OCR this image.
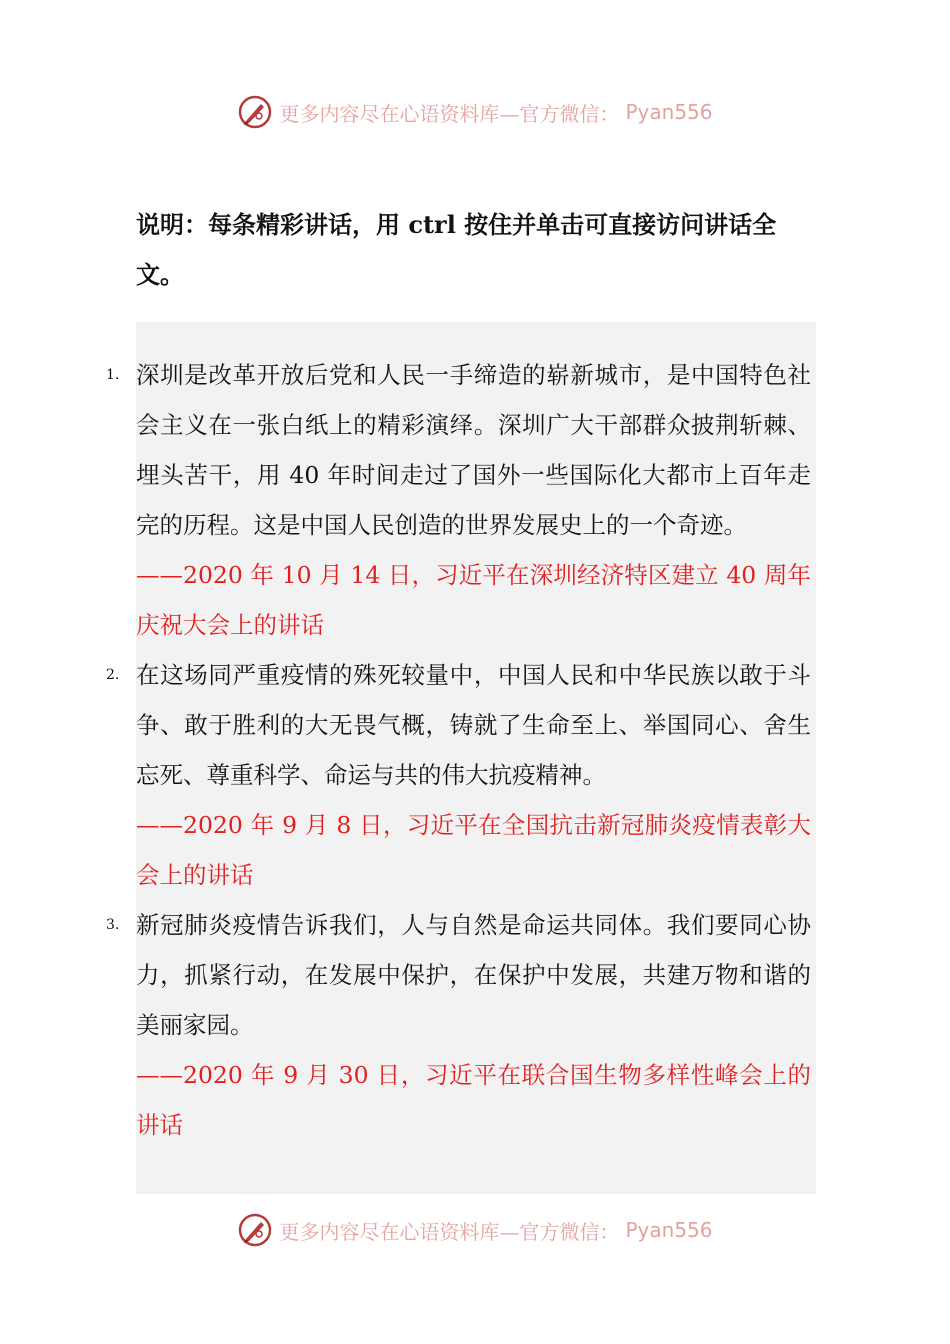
更多内容尽在心语资料库—官方微信： Pyan556
说明：每条精彩讲话，用 ctrl 按住并单击可直接访问讲话全文。
1. 深圳是改革开放后党和人民一手缔造的崭新城市，是中国特色社会主义在一张白纸上的精彩演绎。深圳广大干部群众披荆斩棘、埋头苦干，用 40 年时间走过了国外一些国际化大都市上百年走完的历程。这是中国人民创造的世界发展史上的一个奇迹。

——2020 年 10 月 14 日，习近平在深圳经济特区建立 40 周年庆祝大会上的讲话

2. 在这场同严重疫情的殊死较量中，中国人民和中华民族以敢于斗争、敢于胜利的大无畏气概，铸就了生命至上、举国同心、舍生忘死、尊重科学、命运与共的伟大抗疫精神。

——2020 年 9 月 8 日，习近平在全国抗击新冠肺炎疫情表彰大会上的讲话

3. 新冠肺炎疫情告诉我们，人与自然是命运共同体。我们要同心协力，抓紧行动，在发展中保护，在保护中发展，共建万物和谐的美丽家园。

——2020 年 9 月 30 日，习近平在联合国生物多样性峰会上的讲话

更多内容尽在心语资料库—官方微信： Pyan556
